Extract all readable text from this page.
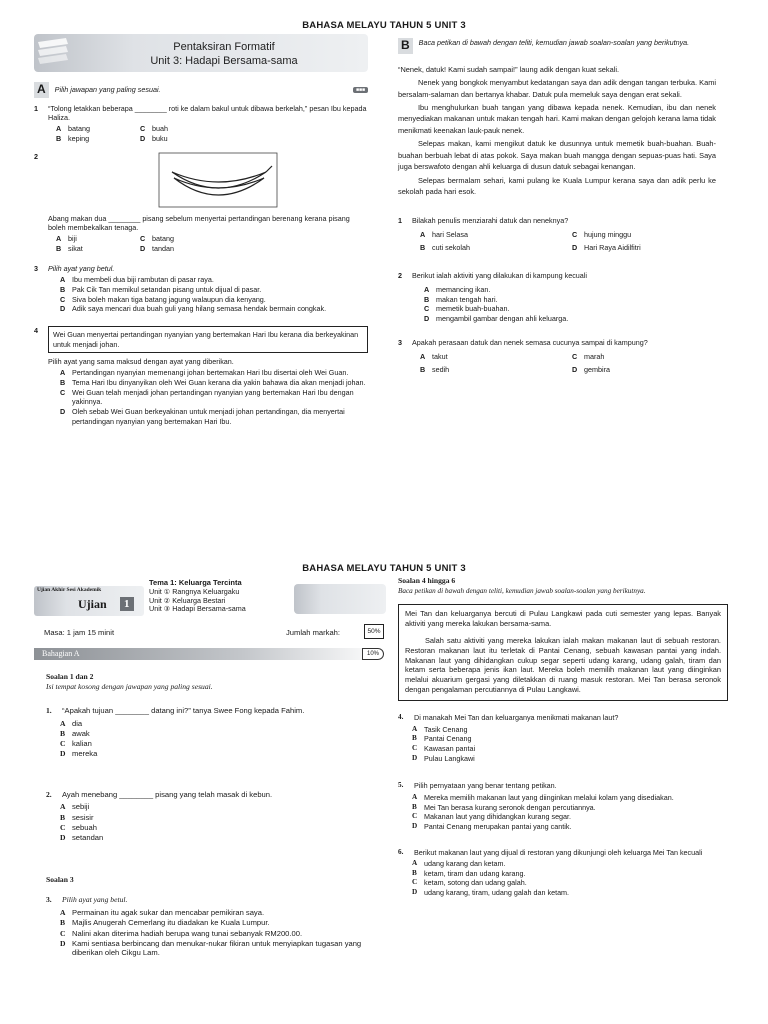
BAHASA MELAYU TAHUN 5 UNIT 3
Pentaksiran Formatif
Unit 3: Hadapi Bersama-sama
A	Pilih jawapan yang paling sesuai.	■■■
1	“Tolong letakkan beberapa ________ roti ke dalam bakul untuk dibawa berkelah,” pesan Ibu kepada Haliza.
A batang	C buah
B keping	D buku
2
Abang makan dua ________ pisang sebelum menyertai pertandingan berenang kerana pisang boleh membekalkan tenaga.
A biji	C batang
B sikat	D tandan
3	Pilih ayat yang betul.
A Ibu membeli dua biji rambutan di pasar raya.
B Pak Cik Tan memikul setandan pisang untuk dijual di pasar.
C Siva boleh makan tiga batang jagung walaupun dia kenyang.
D Adik saya mencari dua buah guli yang hilang semasa hendak bermain congkak.
4	Wei Guan menyertai pertandingan nyanyian yang bertemakan Hari Ibu kerana dia berkeyakinan untuk menjadi johan.
Pilih ayat yang sama maksud dengan ayat yang diberikan.
A Pertandingan nyanyian memenangi johan bertemakan Hari Ibu disertai oleh Wei Guan.
B Tema Hari Ibu dinyanyikan oleh Wei Guan kerana dia yakin bahawa dia akan menjadi johan.
C Wei Guan telah menjadi johan pertandingan nyanyian yang bertemakan Hari Ibu dengan yakinnya.
D Oleh sebab Wei Guan berkeyakinan untuk menjadi johan pertandingan, dia menyertai pertandingan nyanyian yang bertemakan Hari Ibu.
B	Baca petikan di bawah dengan teliti, kemudian jawab soalan-soalan yang berikutnya.

“Nenek, datuk! Kami sudah sampai!” laung adik dengan kuat sekali.

Nenek yang bongkok menyambut kedatangan saya dan adik dengan tangan terbuka. Kami bersalam-salaman dan bertanya khabar. Datuk pula memeluk saya dengan erat sekali.

Ibu menghulurkan buah tangan yang dibawa kepada nenek. Kemudian, ibu dan nenek menyediakan makanan untuk makan tengah hari. Kami makan dengan gelojoh kerana lama tidak menikmati keenakan lauk-pauk nenek.

Selepas makan, kami mengikut datuk ke dusunnya untuk memetik buah-buahan. Buah-buahan berbuah lebat di atas pokok. Saya makan buah mangga dengan sepuas-puas hati. Saya juga berswafoto dengan ahli keluarga di dusun datuk sebagai kenangan.

Selepas bermalam sehari, kami pulang ke Kuala Lumpur kerana saya dan adik perlu ke sekolah pada hari esok.

1	Bilakah penulis menziarahi datuk dan neneknya?
A hari Selasa	C hujung minggu
B cuti sekolah	D Hari Raya Aidilfitri
2	Berikut ialah aktiviti yang dilakukan di kampung kecuali
A memancing ikan.
B makan tengah hari.
C memetik buah-buahan.
D mengambil gambar dengan ahli keluarga.
3	Apakah perasaan datuk dan nenek semasa cucunya sampai di kampung?
A takut	C marah
B sedih	D gembira
BAHASA MELAYU TAHUN 5 UNIT 3
Ujian Akhir Sesi Akademik
Ujian	1
Tema 1: Keluarga Tercinta
Unit ① Rangnya Keluargaku
Unit ② Keluarga Bestari
Unit ③ Hadapi Bersama-sama
Masa: 1 jam 15 minit	Jumlah markah:	50%
Bahagian A	10%
Soalan 1 dan 2
Isi tempat kosong dengan jawapan yang paling sesuai.
1.	“Apakah tujuan ________ datang ini?” tanya Swee Fong kepada Fahim.
A dia
B awak
C kalian
D mereka
2.	Ayah menebang ________ pisang yang telah masak di kebun.
A sebiji
B sesisir
C sebuah
D setandan
Soalan 3
3.	Pilih ayat yang betul.
A Permainan itu agak sukar dan mencabar pemikiran saya.
B Majlis Anugerah Cemerlang itu diadakan ke Kuala Lumpur.
C Nalini akan diterima hadiah berupa wang tunai sebanyak RM200.00.
D Kami sentiasa berbincang dan menukar-nukar fikiran untuk menyiapkan tugasan yang diberikan oleh Cikgu Lam.
Soalan 4 hingga 6
Baca petikan di bawah dengan teliti, kemudian jawab soalan-soalan yang berikutnya.

Mei Tan dan keluarganya bercuti di Pulau Langkawi pada cuti semester yang lepas. Banyak aktiviti yang mereka lakukan bersama-sama.

Salah satu aktiviti yang mereka lakukan ialah makan makanan laut di sebuah restoran. Restoran makanan laut itu terletak di Pantai Cenang, sebuah kawasan pantai yang indah. Makanan laut yang dihidangkan cukup segar seperti udang karang, udang galah, tiram dan ketam serta beberapa jenis ikan laut. Mereka boleh memilih makanan laut yang diinginkan melalui akuarium gergasi yang diletakkan di ruang masuk restoran. Mei Tan berasa seronok dengan pengalaman percutiannya di Pulau Langkawi.

4.	Di manakah Mei Tan dan keluarganya menikmati makanan laut?
A Tasik Cenang
B	Pantai Cenang
C Kawasan pantai
D Pulau Langkawi
5.	Pilih pernyataan yang benar tentang petikan.
A Mereka memilih makanan laut yang diinginkan melalui kolam yang disediakan.
B	Mei Tan berasa kurang seronok dengan percutiannya.
C Makanan laut yang dihidangkan kurang segar.
D Pantai Cenang merupakan pantai yang cantik.
6.	Berikut makanan laut yang dijual di restoran yang dikunjungi oleh keluarga Mei Tan kecuali
A udang karang dan ketam.
B	ketam, tiram dan udang karang.
C ketam, sotong dan udang galah.
D udang karang, tiram, udang galah dan ketam.
